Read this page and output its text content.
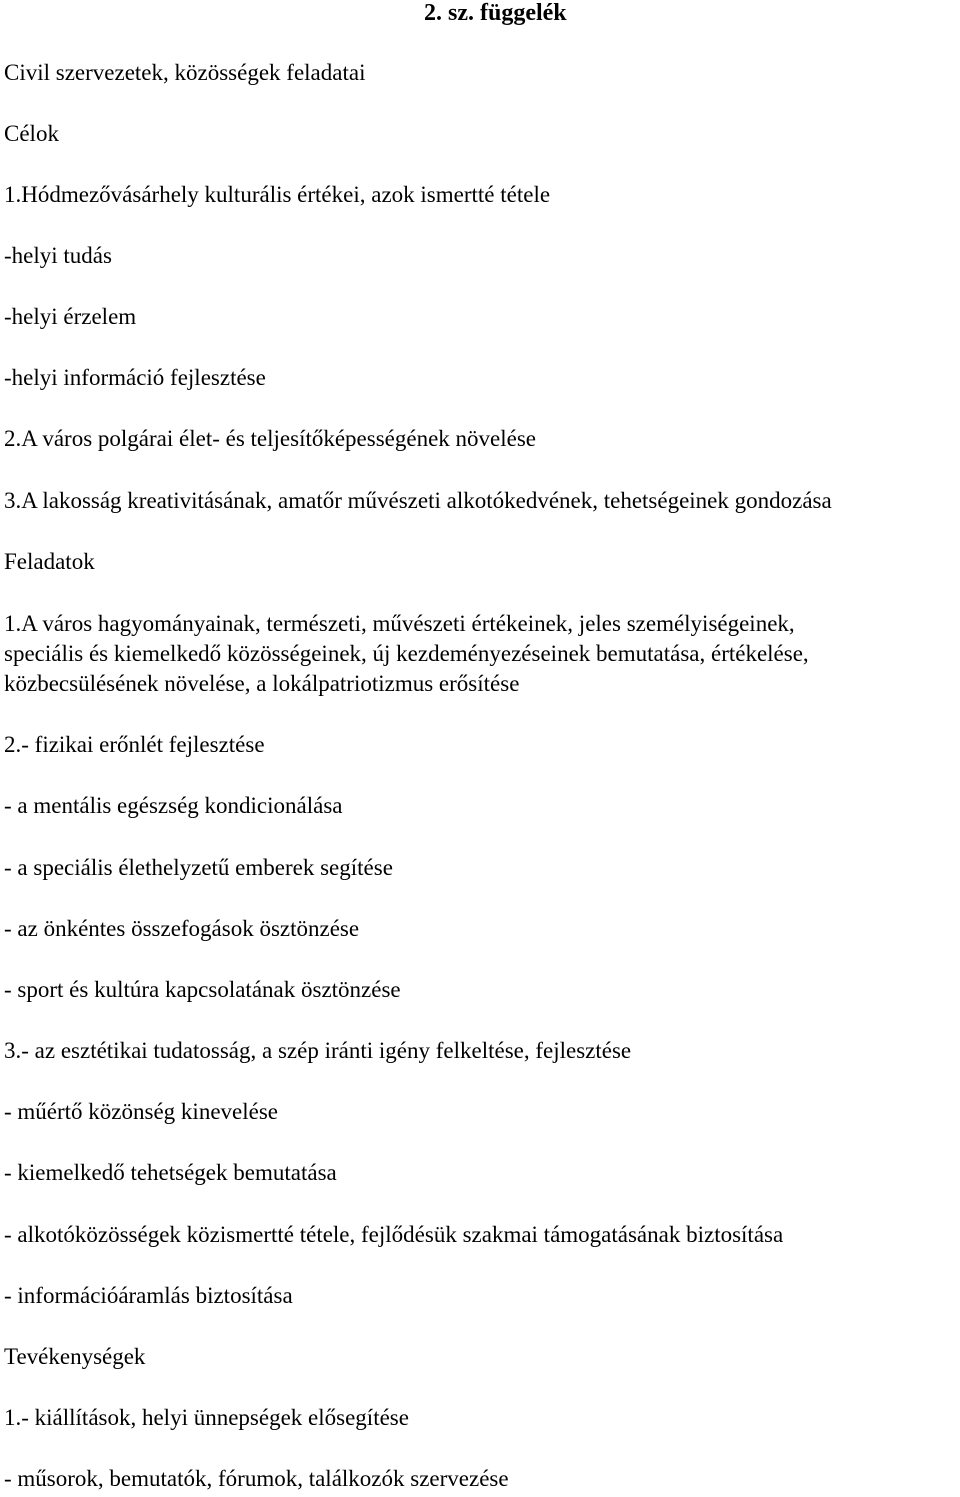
2. sz. függelék
Civil szervezetek, közösségek feladatai
Célok
1.Hódmezővásárhely kulturális értékei, azok ismertté tétele
-helyi tudás
-helyi érzelem
-helyi információ fejlesztése
2.A város polgárai élet- és teljesítőképességének növelése
3.A lakosság kreativitásának, amatőr művészeti alkotókedvének, tehetségeinek gondozása
Feladatok
1.A város hagyományainak, természeti, művészeti értékeinek, jeles személyiségeinek,
speciális és kiemelkedő közösségeinek, új kezdeményezéseinek bemutatása, értékelése,
közbecsülésének növelése, a lokálpatriotizmus erősítése
2.- fizikai erőnlét fejlesztése
- a mentális egészség kondicionálása
- a speciális élethelyzetű emberek segítése
- az önkéntes összefogások ösztönzése
- sport és kultúra kapcsolatának ösztönzése
3.- az esztétikai tudatosság, a szép iránti igény felkeltése, fejlesztése
- műértő közönség kinevelése
- kiemelkedő tehetségek bemutatása
- alkotóközösségek közismertté tétele, fejlődésük szakmai támogatásának biztosítása
- információáramlás biztosítása
Tevékenységek
1.- kiállítások, helyi ünnepségek elősegítése
- műsorok, bemutatók, fórumok, találkozók szervezése
